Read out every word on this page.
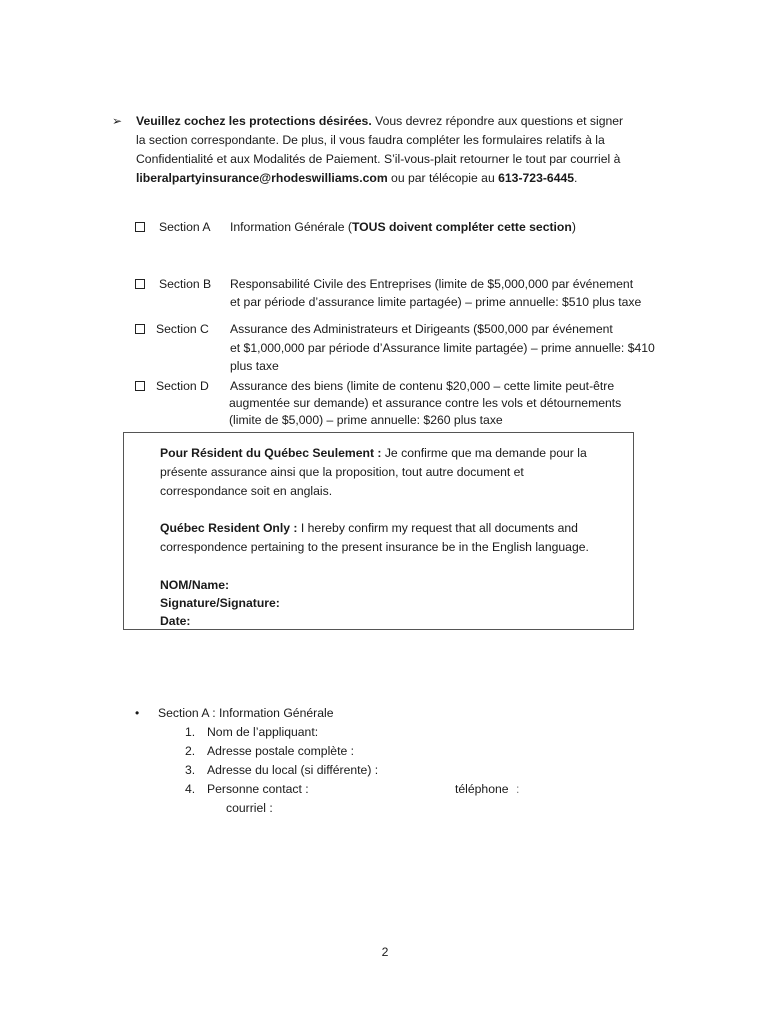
➢ Veuillez cochez les protections désirées. Vous devrez répondre aux questions et signer
la section correspondante. De plus, il vous faudra compléter les formulaires relatifs à la
Confidentialité et aux Modalités de Paiement. S’il-vous-plait retourner le tout par courriel à
liberalpartyinsurance@rhodeswilliams.com ou par télécopie au 613-723-6445.
Section A Information Générale (TOUS doivent compléter cette section)
Section B Responsabilité Civile des Entreprises (limite de $5,000,000 par événement
et par période d’assurance limite partagée) – prime annuelle: $510 plus taxe
Section C Assurance des Administrateurs et Dirigeants ($500,000 par événement
et $1,000,000 par période d’Assurance limite partagée) – prime annuelle: $410
plus taxe
Section D Assurance des biens (limite de contenu $20,000 – cette limite peut-être
augmentée sur demande) et assurance contre les vols et détournements
(limite de $5,000) – prime annuelle: $260 plus taxe
Pour Résident du Québec Seulement : Je confirme que ma demande pour la
présente assurance ainsi que la proposition, tout autre document et
correspondance soit en anglais.
Québec Resident Only : I hereby confirm my request that all documents and
correspondence pertaining to the present insurance be in the English language.
NOM/Name:
Signature/Signature:
Date:
• Section A : Information Générale
1. Nom de l’appliquant:
2. Adresse postale complète :
3. Adresse du local (si différente) :
4. Personne contact :	téléphone :
courriel :
2
